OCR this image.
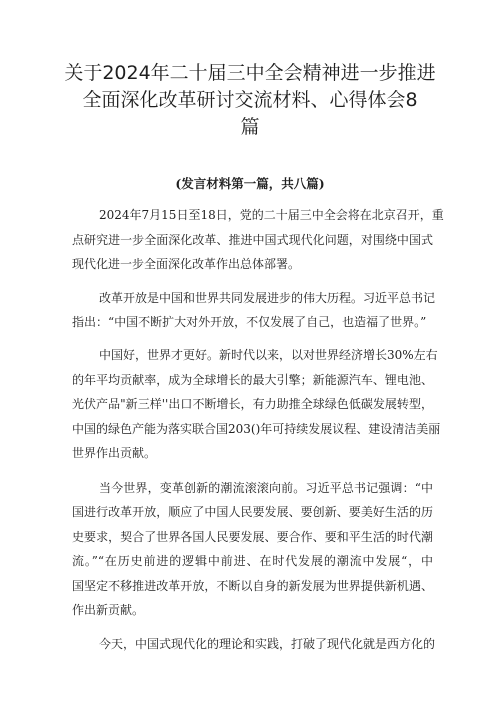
关于2024年二十届三中全会精神进一步推进
全面深化改革研讨交流材料、心得体会8
篇
(发言材料第一篇，共八篇)
2024年7月15日至18日，党的二十届三中全会将在北京召开，重
点研究进一步全面深化改革、推进中国式现代化问题，对围绕中国式
现代化进一步全面深化改革作出总体部署。
改革开放是中国和世界共同发展进步的伟大历程。习近平总书记
指出：“中国不断扩大对外开放，不仅发展了自己，也造福了世界。”
中国好，世界才更好。新时代以来，以对世界经济增长30%左右
的年平均贡献率，成为全球增长的最大引擎；新能源汽车、锂电池、
光伏产品"新三样''出口不断增长，有力助推全球绿色低碳发展转型，
中国的绿色产能为落实联合国203()年可持续发展议程、建设清洁美丽
世界作出贡献。
当今世界，变革创新的潮流滚滚向前。习近平总书记强调：“中
国进行改革开放，顺应了中国人民要发展、要创新、要美好生活的历
史要求，契合了世界各国人民要发展、要合作、要和平生活的时代潮
流。”“在历史前进的逻辑中前进、在时代发展的潮流中发展“，中
国坚定不移推进改革开放，不断以自身的新发展为世界提供新机遇、
作出新贡献。
今天，中国式现代化的理论和实践，打破了现代化就是西方化的
